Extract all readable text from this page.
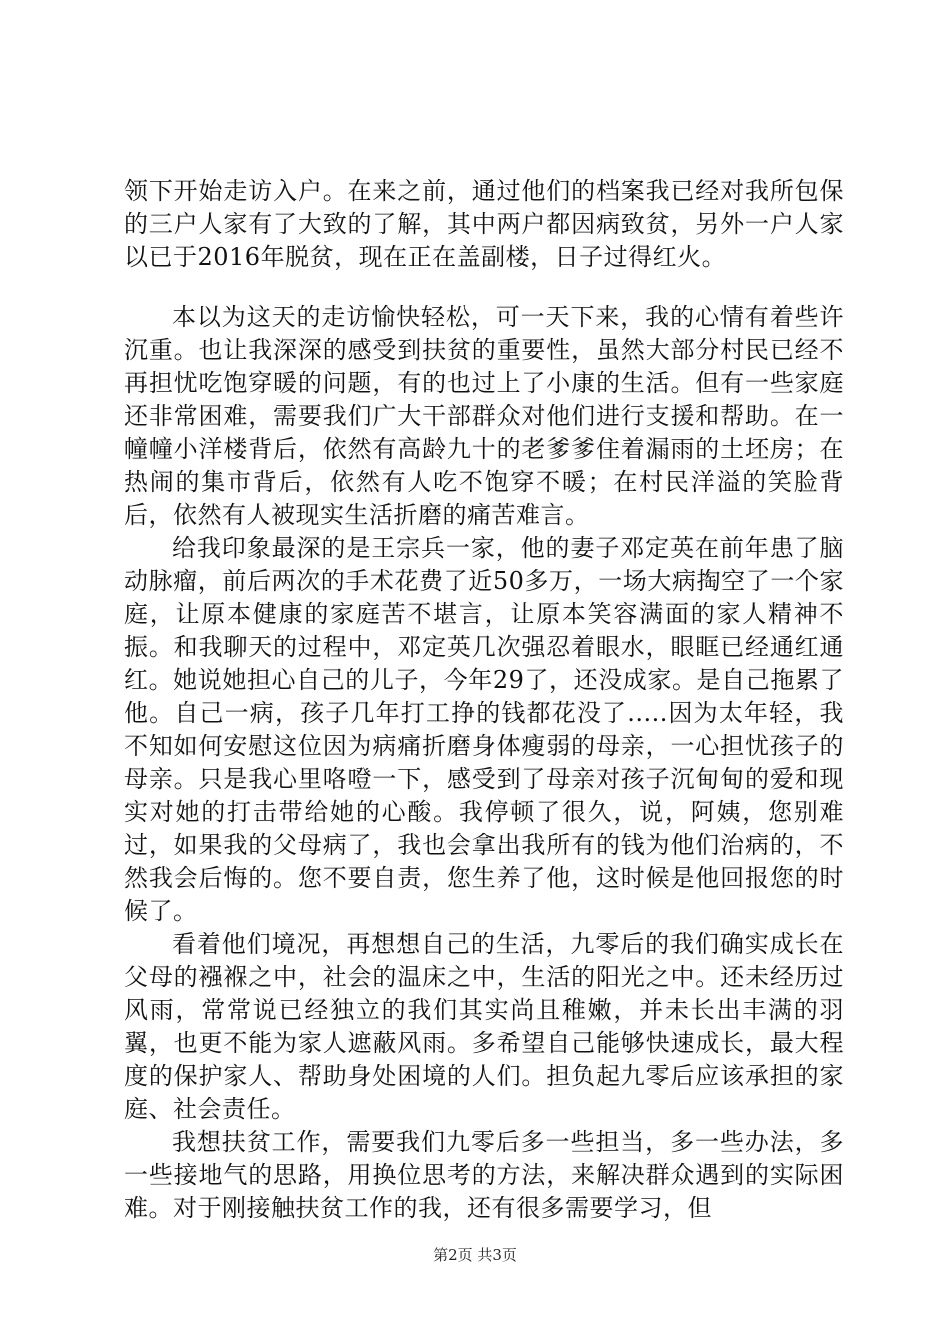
领下开始走访入户。在来之前，通过他们的档案我已经对我所包保的三户人家有了大致的了解，其中两户都因病致贫，另外一户人家以已于2016年脱贫，现在正在盖副楼，日子过得红火。

本以为这天的走访愉快轻松，可一天下来，我的心情有着些许沉重。也让我深深的感受到扶贫的重要性，虽然大部分村民已经不再担忧吃饱穿暖的问题，有的也过上了小康的生活。但有一些家庭还非常困难，需要我们广大干部群众对他们进行支援和帮助。在一幢幢小洋楼背后，依然有高龄九十的老爹爹住着漏雨的土坯房；在热闹的集市背后，依然有人吃不饱穿不暖；在村民洋溢的笑脸背后，依然有人被现实生活折磨的痛苦难言。

给我印象最深的是王宗兵一家，他的妻子邓定英在前年患了脑动脉瘤，前后两次的手术花费了近50多万，一场大病掏空了一个家庭，让原本健康的家庭苦不堪言，让原本笑容满面的家人精神不振。和我聊天的过程中，邓定英几次强忍着眼水，眼眶已经通红通红。她说她担心自己的儿子，今年29了，还没成家。是自己拖累了他。自己一病，孩子几年打工挣的钱都花没了.....因为太年轻，我不知如何安慰这位因为病痛折磨身体瘦弱的母亲，一心担忧孩子的母亲。只是我心里咯噔一下，感受到了母亲对孩子沉甸甸的爱和现实对她的打击带给她的心酸。我停顿了很久，说，阿姨，您别难过，如果我的父母病了，我也会拿出我所有的钱为他们治病的，不然我会后悔的。您不要自责，您生养了他，这时候是他回报您的时候了。

看着他们境况，再想想自己的生活，九零后的我们确实成长在父母的襁褓之中，社会的温床之中，生活的阳光之中。还未经历过风雨，常常说已经独立的我们其实尚且稚嫩，并未长出丰满的羽翼，也更不能为家人遮蔽风雨。多希望自己能够快速成长，最大程度的保护家人、帮助身处困境的人们。担负起九零后应该承担的家庭、社会责任。

我想扶贫工作，需要我们九零后多一些担当，多一些办法，多一些接地气的思路，用换位思考的方法，来解决群众遇到的实际困难。对于刚接触扶贫工作的我，还有很多需要学习，但

第2页 共3页
